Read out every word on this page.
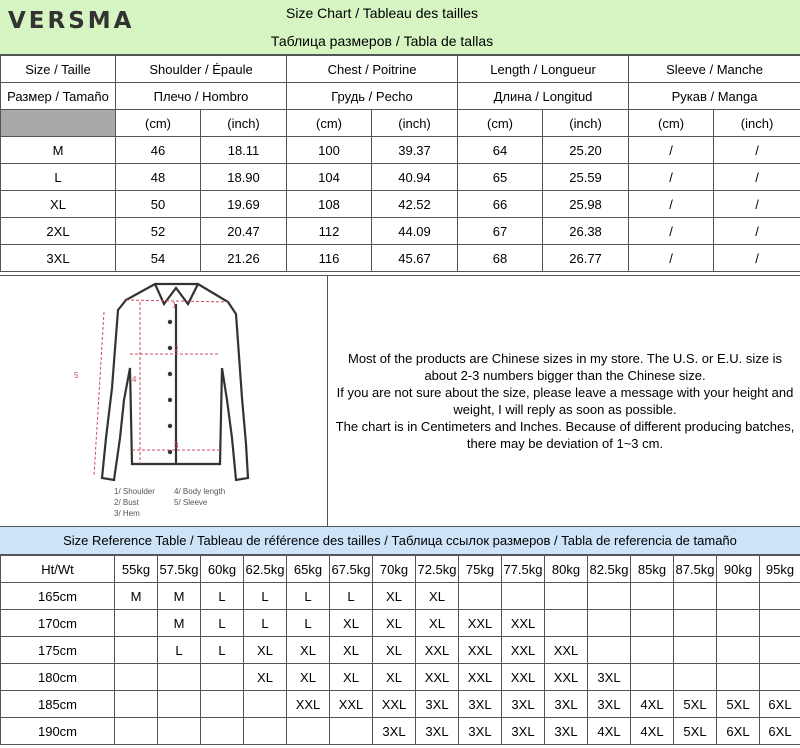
VERSMA	Size Chart / Tableau des tailles
Таблица размеров / Tabla de tallas
Size / Taille	Shoulder / Épaule		Chest / Poitrine		Length / Longueur		Sleeve / Manche	
Размер / Tamaño	Плечо / Hombro		Грудь / Pecho		Длина / Longitud		Рукав / Manga	
	(cm)	(inch)	(cm)	(inch)	(cm)	(inch)	(cm)	(inch)
M	46	18.11	100	39.37	64	25.20	/	/
L	48	18.90	104	40.94	65	25.59	/	/
XL	50	19.69	108	42.52	66	25.98	/	/
2XL	52	20.47	112	44.09	67	26.38	/	/
3XL	54	21.26	116	45.67	68	26.77	/	/
1
2
3
4
5
1/ Shoulder
2/ Bust
3/ Hem
4/ Body length
5/ Sleeve
Most of the products are Chinese sizes in my store. The U.S. or E.U. size is
about 2-3 numbers bigger than the Chinese size.
If you are not sure about the size, please leave a message with your height and
weight, I will reply as soon as possible.
The chart is in Centimeters and Inches. Because of different producing batches,
there may be deviation of 1~3 cm.
Size Reference Table / Tableau de référence des tailles / Таблица ссылок размеров / Tabla de referencia de tamaño
Ht/Wt	55kg	57.5kg	60kg	62.5kg	65kg	67.5kg	70kg	72.5kg	75kg	77.5kg	80kg	82.5kg	85kg	87.5kg	90kg	95kg
165cm	M	M	L	L	L	L	XL	XL								
170cm		M	L	L	L	XL	XL	XL	XXL	XXL						
175cm		L	L	XL	XL	XL	XL	XXL	XXL	XXL	XXL					
180cm				XL	XL	XL	XL	XXL	XXL	XXL	XXL	3XL				
185cm					XXL	XXL	XXL	3XL	3XL	3XL	3XL	3XL	4XL	5XL	5XL	6XL
190cm							3XL	3XL	3XL	3XL	3XL	4XL	4XL	5XL	6XL	6XL
